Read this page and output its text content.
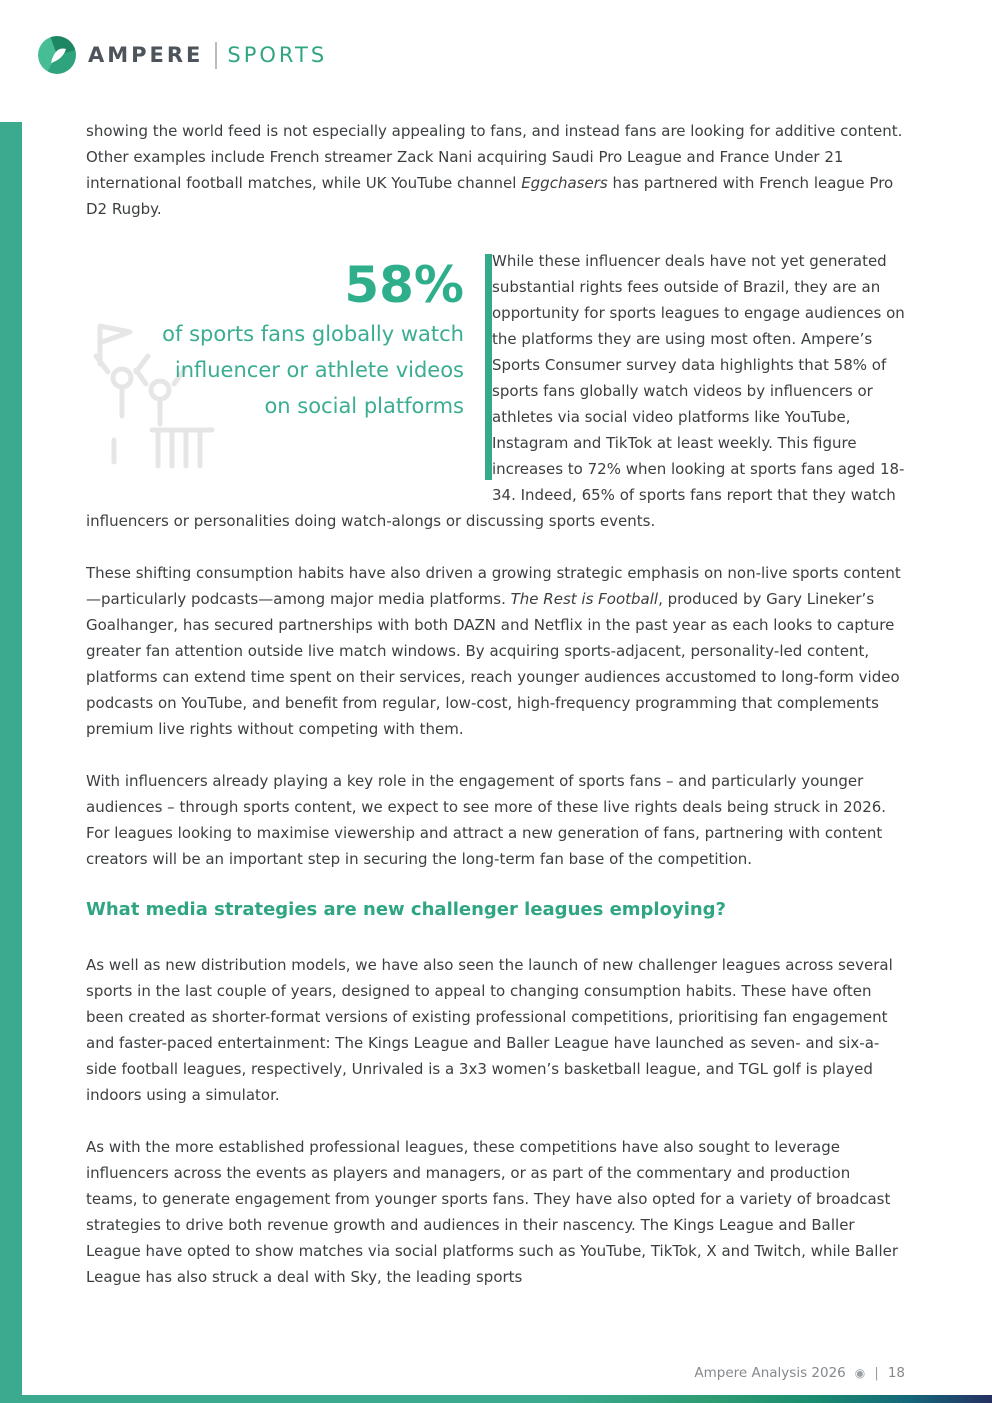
AMPERE SPORTS

showing the world feed is not especially appealing to fans, and instead fans are looking for additive content. Other examples include French streamer Zack Nani acquiring Saudi Pro League and France Under 21 international football matches, while UK YouTube channel Eggchasers has partnered with French league Pro D2 Rugby.

58%
of sports fans globally watch
influencer or athlete videos
on social platforms
While these influencer deals have not yet generated substantial rights fees outside of Brazil, they are an opportunity for sports leagues to engage audiences on the platforms they are using most often. Ampere’s Sports Consumer survey data highlights that 58% of sports fans globally watch videos by influencers or athletes via social video platforms like YouTube, Instagram and TikTok at least weekly. This figure increases to 72% when looking at sports fans aged 18-34. Indeed, 65% of sports fans report that they watch influencers or personalities doing watch-alongs or discussing sports events.

These shifting consumption habits have also driven a growing strategic emphasis on non-live sports content—particularly podcasts—among major media platforms. The Rest is Football, produced by Gary Lineker’s Goalhanger, has secured partnerships with both DAZN and Netflix in the past year as each looks to capture greater fan attention outside live match windows. By acquiring sports-adjacent, personality-led content, platforms can extend time spent on their services, reach younger audiences accustomed to long-form video podcasts on YouTube, and benefit from regular, low-cost, high-frequency programming that complements premium live rights without competing with them.

With influencers already playing a key role in the engagement of sports fans – and particularly younger audiences – through sports content, we expect to see more of these live rights deals being struck in 2026. For leagues looking to maximise viewership and attract a new generation of fans, partnering with content creators will be an important step in securing the long-term fan base of the competition.

What media strategies are new challenger leagues employing?

As well as new distribution models, we have also seen the launch of new challenger leagues across several sports in the last couple of years, designed to appeal to changing consumption habits. These have often been created as shorter-format versions of existing professional competitions, prioritising fan engagement and faster-paced entertainment: The Kings League and Baller League have launched as seven- and six-a-side football leagues, respectively, Unrivaled is a 3x3 women’s basketball league, and TGL golf is played indoors using a simulator.

As with the more established professional leagues, these competitions have also sought to leverage influencers across the events as players and managers, or as part of the commentary and production teams, to generate engagement from younger sports fans. They have also opted for a variety of broadcast strategies to drive both revenue growth and audiences in their nascency. The Kings League and Baller League have opted to show matches via social platforms such as YouTube, TikTok, X and Twitch, while Baller League has also struck a deal with Sky, the leading sports

Ampere Analysis 2026 ◉ | 18
